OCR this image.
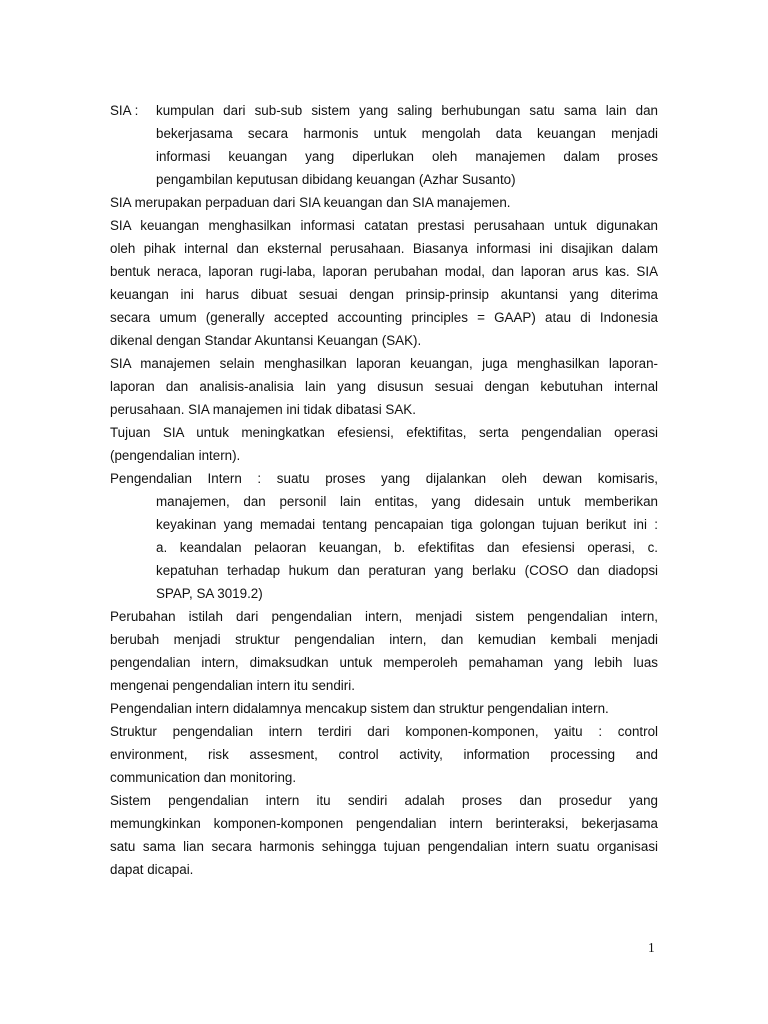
SIA :	kumpulan dari sub-sub sistem yang saling berhubungan satu sama lain dan
bekerjasama secara harmonis untuk mengolah data keuangan menjadi
informasi keuangan yang diperlukan oleh manajemen dalam proses
pengambilan keputusan dibidang keuangan (Azhar Susanto)
SIA merupakan perpaduan dari SIA keuangan dan SIA manajemen.
SIA keuangan menghasilkan informasi catatan prestasi perusahaan untuk digunakan
oleh pihak internal dan eksternal perusahaan. Biasanya informasi ini disajikan dalam
bentuk neraca, laporan rugi-laba, laporan perubahan modal, dan laporan arus kas. SIA
keuangan ini harus dibuat sesuai dengan prinsip-prinsip akuntansi yang diterima
secara umum (generally accepted accounting principles = GAAP) atau di Indonesia
dikenal dengan Standar Akuntansi Keuangan (SAK).
SIA manajemen selain menghasilkan laporan keuangan, juga menghasilkan laporan-
laporan dan analisis-analisia lain yang disusun sesuai dengan kebutuhan internal
perusahaan. SIA manajemen ini tidak dibatasi SAK.
Tujuan SIA untuk meningkatkan efesiensi, efektifitas, serta pengendalian operasi
(pengendalian intern).
Pengendalian Intern : suatu proses yang dijalankan oleh dewan komisaris,
manajemen, dan personil lain entitas, yang didesain untuk memberikan
keyakinan yang memadai tentang pencapaian tiga golongan tujuan berikut ini :
a. keandalan pelaoran keuangan, b. efektifitas dan efesiensi operasi, c.
kepatuhan terhadap hukum dan peraturan yang berlaku (COSO dan diadopsi
SPAP, SA 3019.2)
Perubahan istilah dari pengendalian intern, menjadi sistem pengendalian intern,
berubah menjadi struktur pengendalian intern, dan kemudian kembali menjadi
pengendalian intern, dimaksudkan untuk memperoleh pemahaman yang lebih luas
mengenai pengendalian intern itu sendiri.
Pengendalian intern didalamnya mencakup sistem dan struktur pengendalian intern.
Struktur pengendalian intern terdiri dari komponen-komponen, yaitu : control
environment, risk assesment, control activity, information processing and
communication dan monitoring.
Sistem pengendalian intern itu sendiri adalah proses dan prosedur yang
memungkinkan komponen-komponen pengendalian intern berinteraksi, bekerjasama
satu sama lian secara harmonis sehingga tujuan pengendalian intern suatu organisasi
dapat dicapai.
1
